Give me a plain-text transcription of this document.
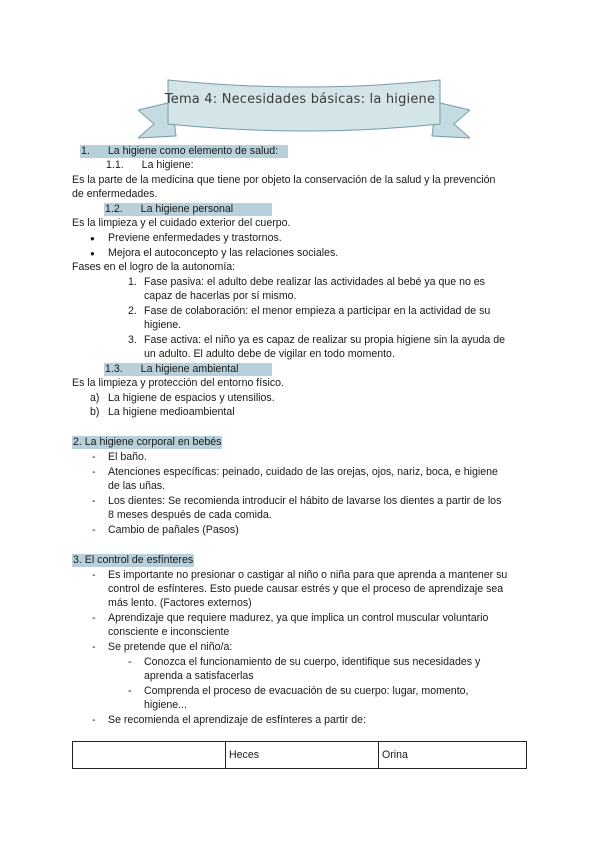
Tema 4: Necesidades básicas: la higiene
1. La higiene como elemento de salud:
1.1. La higiene:
Es la parte de la medicina que tiene por objeto la conservación de la salud y la prevención
de enfermedades.
1.2. La higiene personal
Es la limpieza y el cuidado exterior del cuerpo.
● Previene enfermedades y trastornos.
● Mejora el autoconcepto y las relaciones sociales.
Fases en el logro de la autonomía:
1. Fase pasiva: el adulto debe realizar las actividades al bebé ya que no es
capaz de hacerlas por sí mismo.
2. Fase de colaboración: el menor empieza a participar en la actividad de su
higiene.
3. Fase activa: el niño ya es capaz de realizar su propia higiene sin la ayuda de
un adulto. El adulto debe de vigilar en todo momento.
1.3. La higiene ambiental
Es la limpieza y protección del entorno físico.
a) La higiene de espacios y utensilios.
b) La higiene medioambiental
2. La higiene corporal en bebés
- El baño.
- Atenciones específicas: peinado, cuidado de las orejas, ojos, nariz, boca, e higiene
de las uñas.
- Los dientes: Se recomienda introducir el hábito de lavarse los dientes a partir de los
8 meses después de cada comida.
- Cambio de pañales (Pasos)
3. El control de esfínteres
- Es importante no presionar o castigar al niño o niña para que aprenda a mantener su
control de esfínteres. Esto puede causar estrés y que el proceso de aprendizaje sea
más lento. (Factores externos)
- Aprendizaje que requiere madurez, ya que implica un control muscular voluntario
consciente e inconsciente
- Se pretende que el niño/a:
- Conozca el funcionamiento de su cuerpo, identifique sus necesidades y
aprenda a satisfacerlas
- Comprenda el proceso de evacuación de su cuerpo: lugar, momento,
higiene...
- Se recomienda el aprendizaje de esfínteres a partir de:
	Heces	Orina
